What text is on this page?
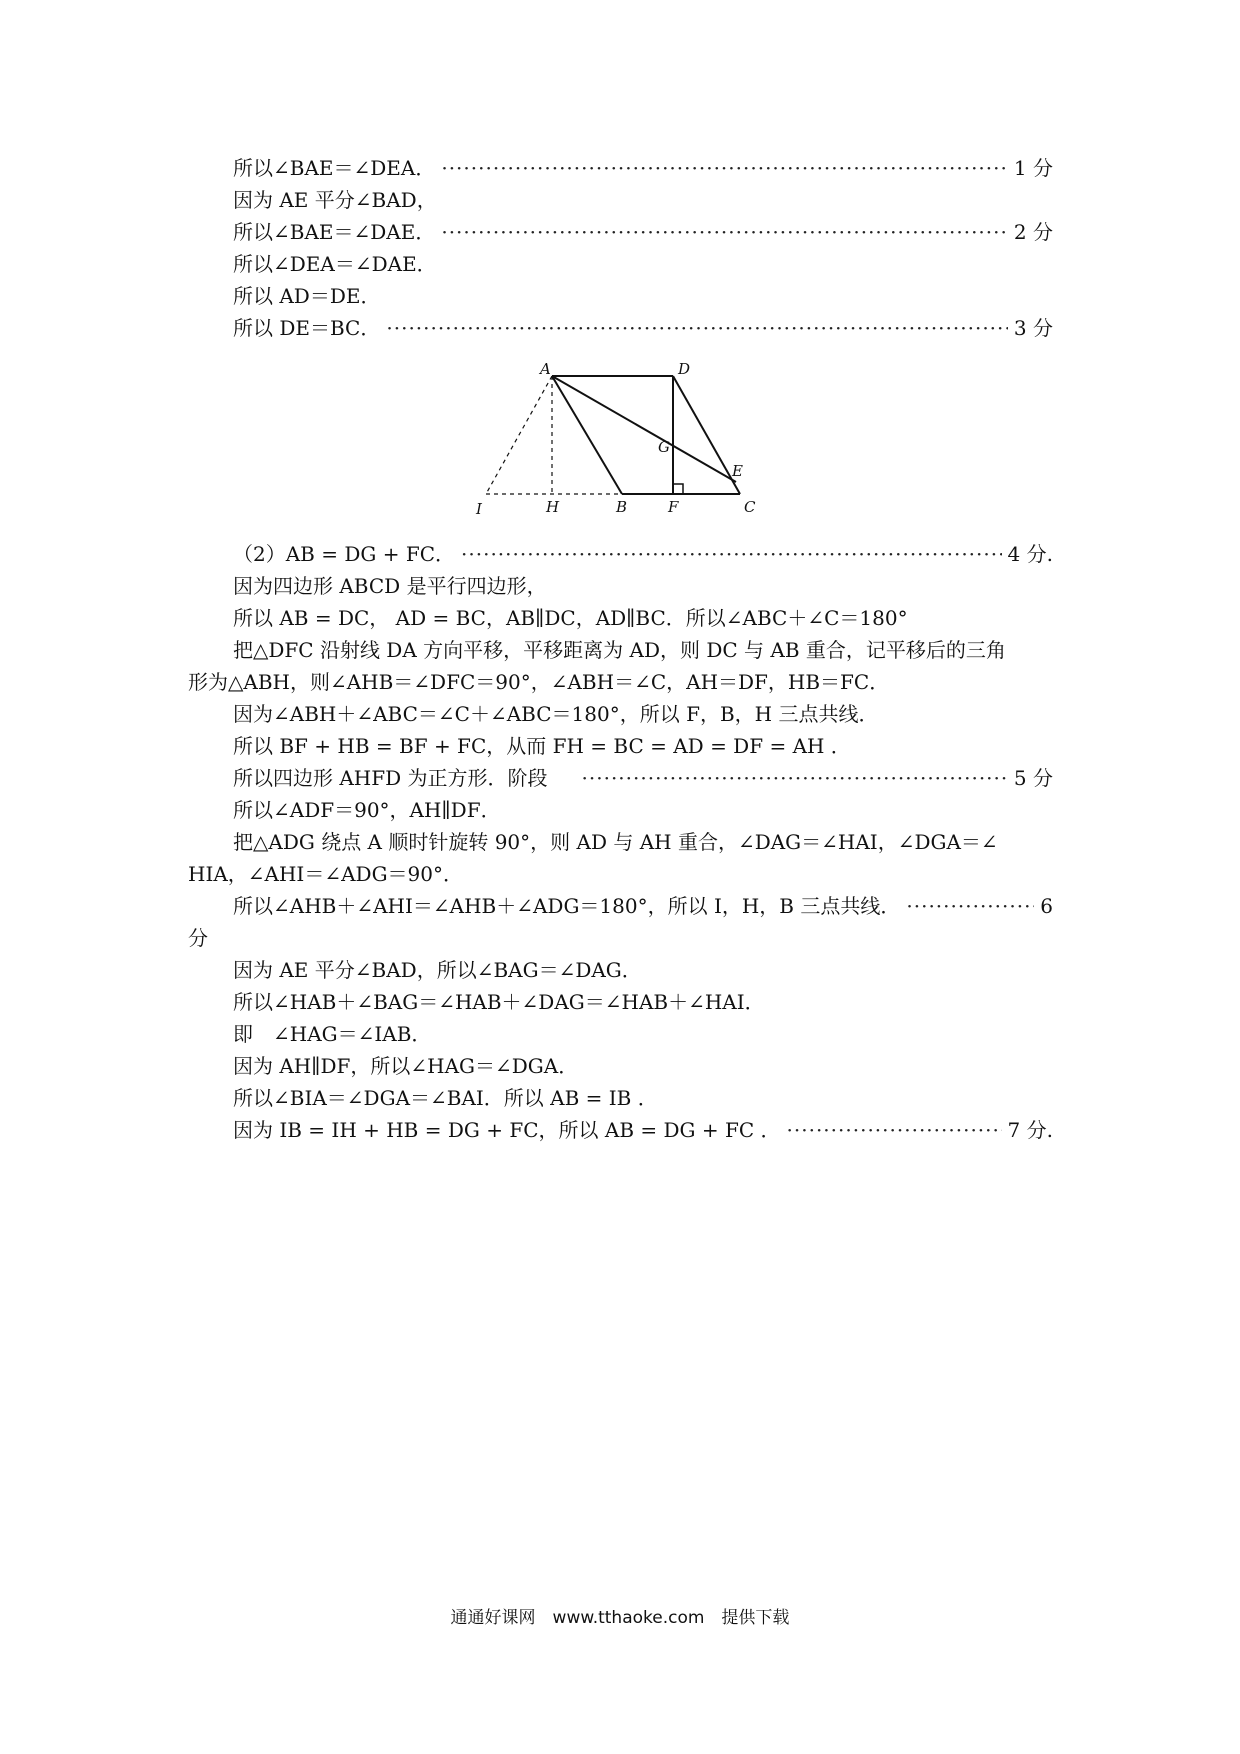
所以∠BAE＝∠DEA． ·····	1 分
因为 AE 平分∠BAD，
所以∠BAE＝∠DAE． ·····	2 分
所以∠DEA＝∠DAE．
所以 AD＝DE．
所以 DE＝BC． ·····	3 分
A	D
G
E
I	H	B	F	C
（2）AB = DG + FC． ·····	4 分.
因为四边形 ABCD 是平行四边形，
所以 AB = DC， AD = BC，AB∥DC，AD∥BC．所以∠ABC＋∠C＝180°
把△DFC 沿射线 DA 方向平移，平移距离为 AD，则 DC 与 AB 重合，记平移后的三角
形为△ABH，则∠AHB＝∠DFC＝90°，∠ABH＝∠C，AH＝DF，HB＝FC．
因为∠ABH＋∠ABC＝∠C＋∠ABC＝180°，所以 F，B，H 三点共线．
所以 BF + HB = BF + FC，从而 FH = BC = AD = DF = AH ．
所以四边形 AHFD 为正方形．阶段 ·····	5 分
所以∠ADF＝90°，AH∥DF．
把△ADG 绕点 A 顺时针旋转 90°，则 AD 与 AH 重合，∠DAG＝∠HAI，∠DGA＝∠
HIA，∠AHI＝∠ADG＝90°．
所以∠AHB＋∠AHI＝∠AHB＋∠ADG＝180°，所以 I，H，B 三点共线． ·····	6
分
因为 AE 平分∠BAD，所以∠BAG＝∠DAG．
所以∠HAB＋∠BAG＝∠HAB＋∠DAG＝∠HAB＋∠HAI．
即　∠HAG＝∠IAB．
因为 AH∥DF，所以∠HAG＝∠DGA．
所以∠BIA＝∠DGA＝∠BAI．所以 AB = IB ．
因为 IB = IH + HB = DG + FC，所以 AB = DG + FC ． ·····	7 分.
通通好课网　www.tthaoke.com　提供下载
